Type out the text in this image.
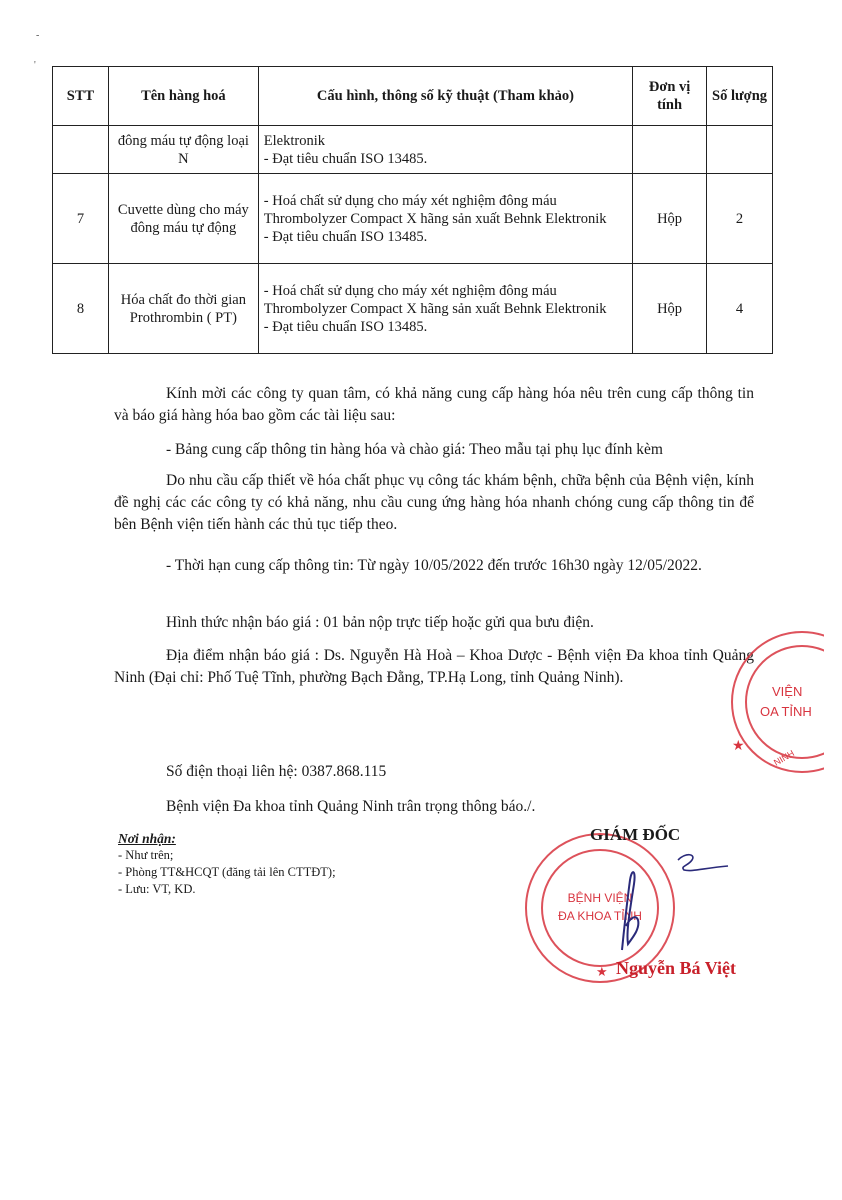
-
'
STT	Tên hàng hoá	Cấu hình, thông số kỹ thuật (Tham khảo)	Đơn vị tính	Số lượng
	đông máu tự động loại N	Elektronik
- Đạt tiêu chuẩn ISO 13485.		

7	Cuvette dùng cho máy đông máu tự động	- Hoá chất sử dụng cho máy xét nghiệm đông máu Thrombolyzer Compact X hãng sản xuất Behnk Elektronik
- Đạt tiêu chuẩn ISO 13485.	Hộp	2
8	Hóa chất đo thời gian Prothrombin ( PT)	- Hoá chất sử dụng cho máy xét nghiệm đông máu Thrombolyzer Compact X hãng sản xuất Behnk Elektronik
- Đạt tiêu chuẩn ISO 13485.	Hộp	4
Kính mời các công ty quan tâm, có khả năng cung cấp hàng hóa nêu trên cung cấp thông tin và báo giá hàng hóa bao gồm các tài liệu sau:
- Bảng cung cấp thông tin hàng hóa và chào giá: Theo mẫu tại phụ lục đính kèm
Do nhu cầu cấp thiết về hóa chất phục vụ công tác khám bệnh, chữa bệnh của Bệnh viện, kính đề nghị các các công ty có khả năng, nhu cầu cung ứng hàng hóa nhanh chóng cung cấp thông tin để bên Bệnh viện tiến hành các thủ tục tiếp theo.
- Thời hạn cung cấp thông tin: Từ ngày 10/05/2022 đến trước 16h30 ngày 12/05/2022.
Hình thức nhận báo giá : 01 bản nộp trực tiếp hoặc gửi qua bưu điện.
Địa điểm nhận báo giá : Ds. Nguyễn Hà Hoà – Khoa Dược - Bệnh viện Đa khoa tỉnh Quảng Ninh (Đại chỉ: Phố Tuệ Tĩnh, phường Bạch Đằng, TP.Hạ Long, tỉnh Quảng Ninh).
Số điện thoại liên hệ: 0387.868.115
Bệnh viện Đa khoa tỉnh Quảng Ninh trân trọng thông báo./.
Nơi nhận:
- Như trên;
- Phòng TT&HCQT (đăng tải lên CTTĐT);
- Lưu: VT, KD.
VIỆN
OA TỈNH
NINH
★
BỆNH VIỆN
ĐA KHOA TỈNH
★
GIÁM ĐỐC
Nguyễn Bá Việt
